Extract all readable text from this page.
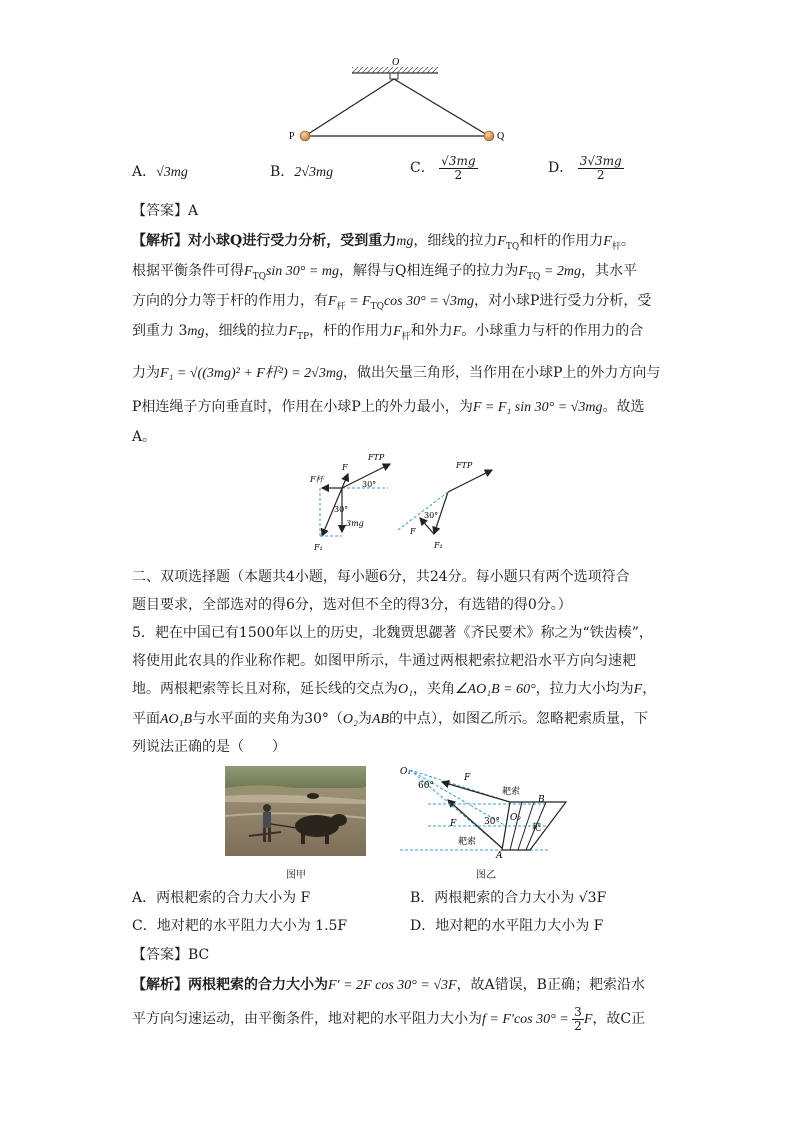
O
P	Q
A．√3mg	B．2√3mg	C． $\frac{√3mg}{2}$	D． $\frac{3√3mg}{2}$
【答案】A
【解析】对小球Q进行受力分析，受到重力mg，细线的拉力$F_{TQ}$和杆的作用力$F_杆$。
根据平衡条件可得$F_{TQ}\sin$ 30° = mg，解得与Q相连绳子的拉力为$F_{TQ} = 2mg$，其水平
方向的分力等于杆的作用力，有$F_杆 = F_{TQ}\cos$ 30° = √3mg，对小球P进行受力分析，受
到重力 3mg，细线的拉力$F_{TP}$，杆的作用力$F_杆$和外力F。小球重力与杆的作用力的合
力为F₁ = √((3mg)² + F杆²) = 2√3mg，做出矢量三角形，当作用在小球P上的外力方向与
P相连绳子方向垂直时，作用在小球P上的外力最小，为F = F₁ sin 30° = √3mg。故选
A。
F杆
F
FTP
30°
30°
3mg
F₁
FTP
30°
F
F₁
二、双项选择题（本题共4小题，每小题6分，共24分。每小题只有两个选项符合
题目要求，全部选对的得6分，选对但不全的得3分，有选错的得0分。）
5．耙在中国已有1500年以上的历史，北魏贾思勰著《齐民要术》称之为“铁齿楱”，
将使用此农具的作业称作耙。如图甲所示，牛通过两根耙索拉耙沿水平方向匀速耙
地。两根耙索等长且对称，延长线的交点为O₁，夹角∠AO₁B = 60°，拉力大小均为F，
平面AO₁B与水平面的夹角为30°（O₂为AB的中点），如图乙所示。忽略耙索质量，下
列说法正确的是（　　）
O₁
60°
F
耙索
B
30° O₂
耙
F
耙索
A
图甲	图乙
A．两根耙索的合力大小为 F	B．两根耙索的合力大小为 √3F
C．地对耙的水平阻力大小为 1.5F	D．地对耙的水平阻力大小为 F
【答案】BC
【解析】两根耙索的合力大小为F′ = 2F cos 30° = √3F，故A错误，B正确；耙索沿水
平方向匀速运动，由平衡条件，地对耙的水平阻力大小为f = F′cos $30^\circ = \frac{3}{2}$ F，故C正
